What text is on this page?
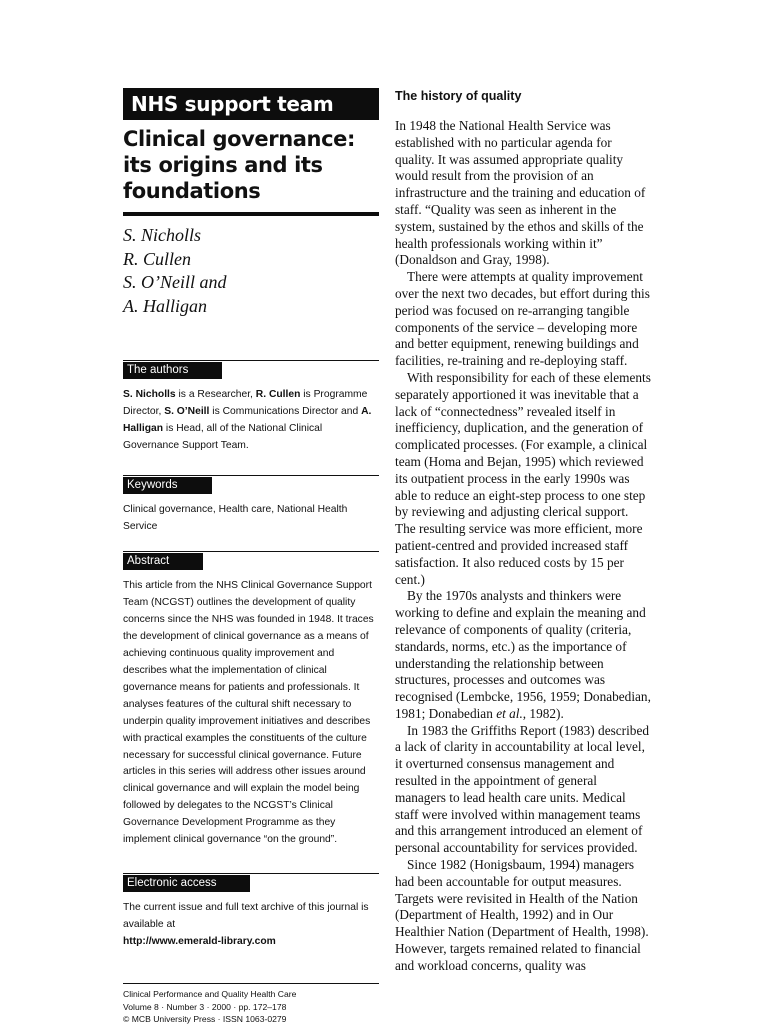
NHS support team
Clinical governance:
its origins and its
foundations
S. Nicholls
R. Cullen
S. O’Neill and
A. Halligan
The authors
S. Nicholls is a Researcher, R. Cullen is Programme Director, S. O’Neill is Communications Director and A. Halligan is Head, all of the National Clinical Governance Support Team.
Keywords
Clinical governance, Health care, National Health Service
Abstract
This article from the NHS Clinical Governance Support Team (NCGST) outlines the development of quality concerns since the NHS was founded in 1948. It traces the development of clinical governance as a means of achieving continuous quality improvement and describes what the implementation of clinical governance means for patients and professionals. It analyses features of the cultural shift necessary to underpin quality improvement initiatives and describes with practical examples the constituents of the culture necessary for successful clinical governance. Future articles in this series will address other issues around clinical governance and will explain the model being followed by delegates to the NCGST’s Clinical Governance Development Programme as they implement clinical governance “on the ground”.
Electronic access
The current issue and full text archive of this journal is available at
http://www.emerald-library.com
Clinical Performance and Quality Health Care
Volume 8 · Number 3 · 2000 · pp. 172–178
© MCB University Press · ISSN 1063-0279
The history of quality

In 1948 the National Health Service was established with no particular agenda for quality. It was assumed appropriate quality would result from the provision of an infrastructure and the training and education of staff. “Quality was seen as inherent in the system, sustained by the ethos and skills of the health professionals working within it” (Donaldson and Gray, 1998).

There were attempts at quality improvement over the next two decades, but effort during this period was focused on re-arranging tangible components of the service – developing more and better equipment, renewing buildings and facilities, re-training and re-deploying staff.

With responsibility for each of these elements separately apportioned it was inevitable that a lack of “connectedness” revealed itself in inefficiency, duplication, and the generation of complicated processes. (For example, a clinical team (Homa and Bejan, 1995) which reviewed its outpatient process in the early 1990s was able to reduce an eight-step process to one step by reviewing and adjusting clerical support. The resulting service was more efficient, more patient-centred and provided increased staff satisfaction. It also reduced costs by 15 per cent.)

By the 1970s analysts and thinkers were working to define and explain the meaning and relevance of components of quality (criteria, standards, norms, etc.) as the importance of understanding the relationship between structures, processes and outcomes was recognised (Lembcke, 1956, 1959; Donabedian, 1981; Donabedian et al., 1982).

In 1983 the Griffiths Report (1983) described a lack of clarity in accountability at local level, it overturned consensus management and resulted in the appointment of general managers to lead health care units. Medical staff were involved within management teams and this arrangement introduced an element of personal accountability for services provided.

Since 1982 (Honigsbaum, 1994) managers had been accountable for output measures. Targets were revisited in Health of the Nation (Department of Health, 1992) and in Our Healthier Nation (Department of Health, 1998). However, targets remained related to financial and workload concerns, quality was
